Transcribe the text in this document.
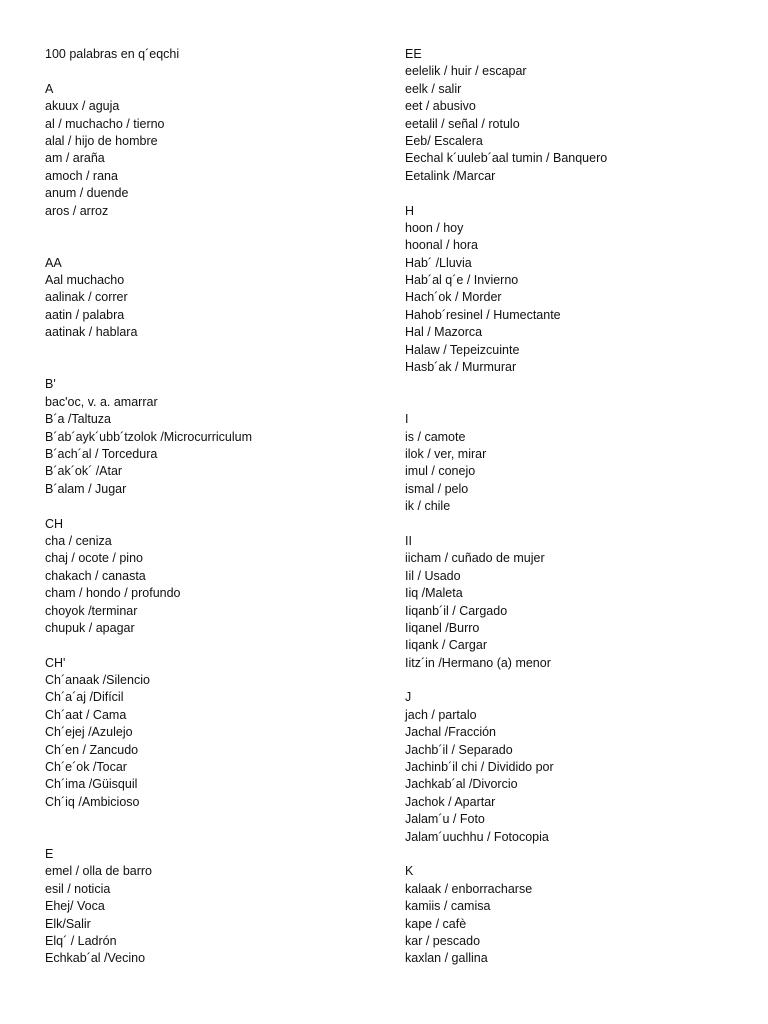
100 palabras en q´eqchi
A
akuux / aguja
al / muchacho / tierno
alal / hijo de hombre
am / araña
amoch / rana
anum / duende
aros / arroz
AA
Aal muchacho
aalinak / correr
aatin / palabra
aatinak / hablara
B'
bac'oc, v. a. amarrar
B´a /Taltuza
B´ab´ayk´ubb´tzolok /Microcurriculum
B´ach´al / Torcedura
B´ak´ok´ /Atar
B´alam / Jugar
CH
cha / ceniza
chaj / ocote / pino
chakach / canasta
cham / hondo / profundo
choyok /terminar
chupuk / apagar
CH'
Ch´anaak /Silencio
Ch´a´aj /Difícil
Ch´aat / Cama
Ch´ejej /Azulejo
Ch´en / Zancudo
Ch´e´ok /Tocar
Ch´ima /Güisquil
Ch´iq /Ambicioso
E
emel / olla de barro
esil / noticia
Ehej/ Voca
Elk/Salir
Elq´ / Ladrón
Echkab´al /Vecino
EE
eelelik / huir / escapar
eelk / salir
eet / abusivo
eetalil / señal / rotulo
Eeb/ Escalera
Eechal k´uuleb´aal tumin / Banquero
Eetalink /Marcar
H
hoon / hoy
hoonal / hora
Hab´ /Lluvia
Hab´al q´e / Invierno
Hach´ok / Morder
Hahob´resinel / Humectante
Hal / Mazorca
Halaw / Tepeizcuinte
Hasb´ak / Murmurar
I
is / camote
ilok / ver, mirar
imul / conejo
ismal / pelo
ik / chile
II
iicham / cuñado de mujer
Iil / Usado
Iiq /Maleta
Iiqanb´il / Cargado
Iiqanel /Burro
Iiqank / Cargar
Iitz´in /Hermano (a) menor
J
jach / partalo
Jachal /Fracción
Jachb´il / Separado
Jachinb´il chi / Dividido por
Jachkab´al /Divorcio
Jachok / Apartar
Jalam´u / Foto
Jalam´uuchhu / Fotocopia
K
kalaak / enborracharse
kamiis / camisa
kape / cafè
kar / pescado
kaxlan / gallina
